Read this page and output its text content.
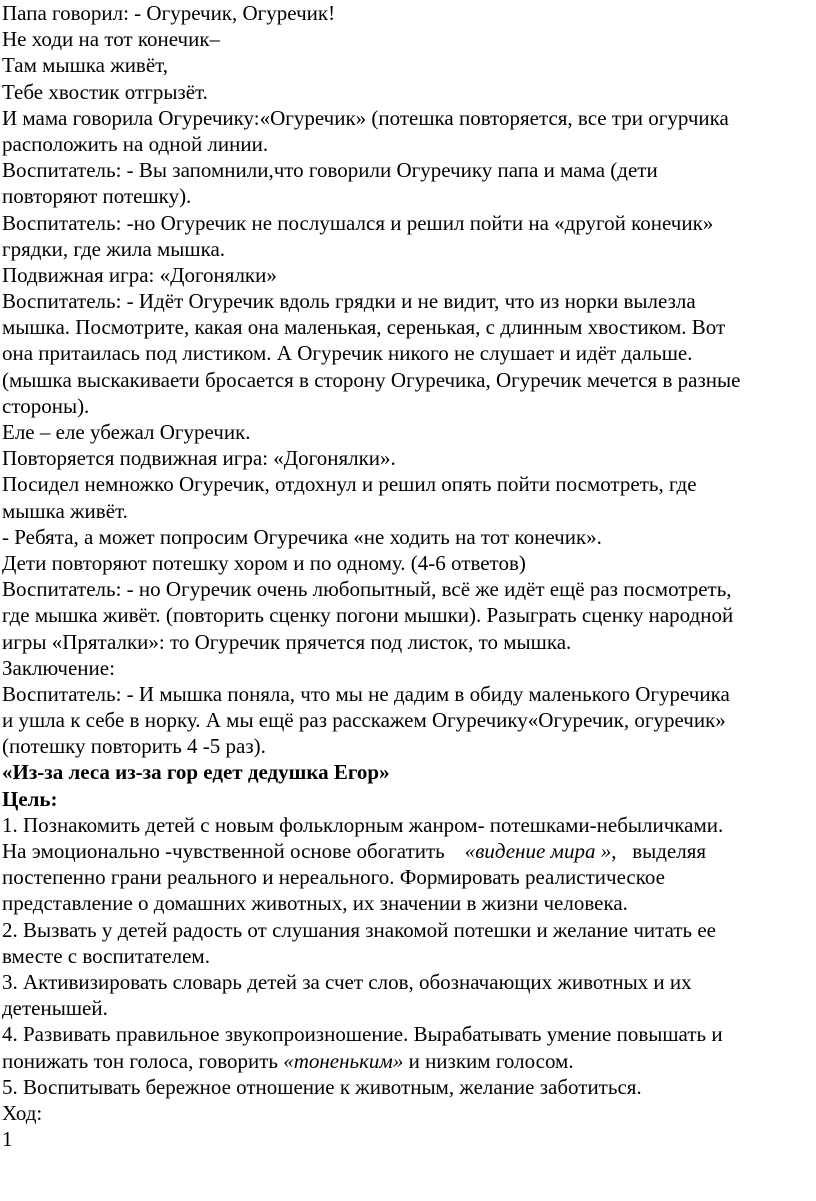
Папа говорил: - Огуречик, Огуречик!
Не ходи на тот конечик–
Там мышка живёт,
Тебе хвостик отгрызёт.
И мама говорила Огуречику:«Огуречик» (потешка повторяется, все три огурчика
расположить на одной линии.
Воспитатель: - Вы запомнили,что говорили Огуречику папа и мама (дети
повторяют потешку).
Воспитатель: -но Огуречик не послушался и решил пойти на «другой конечик»
грядки, где жила мышка.
Подвижная игра: «Догонялки»
Воспитатель: - Идёт Огуречик вдоль грядки и не видит, что из норки вылезла
мышка. Посмотрите, какая она маленькая, серенькая, с длинным хвостиком. Вот
она притаилась под листиком. А Огуречик никого не слушает и идёт дальше.
(мышка выскакиваети бросается в сторону Огуречика, Огуречик мечется в разные
стороны).
Еле – еле убежал Огуречик.
Повторяется подвижная игра: «Догонялки».
Посидел немножко Огуречик, отдохнул и решил опять пойти посмотреть, где
мышка живёт.
- Ребята, а может попросим Огуречика «не ходить на тот конечик».
Дети повторяют потешку хором и по одному. (4-6 ответов)
Воспитатель: - но Огуречик очень любопытный, всё же идёт ещё раз посмотреть,
где мышка живёт. (повторить сценку погони мышки). Разыграть сценку народной
игры «Пряталки»: то Огуречик прячется под листок, то мышка.
Заключение:
Воспитатель: - И мышка поняла, что мы не дадим в обиду маленького Огуречика
и ушла к себе в норку. А мы ещё раз расскажем Огуречику«Огуречик, огуречик»
(потешку повторить 4 -5 раз).
«Из-за леса из-за гор едет дедушка Егор»
Цель:
1. Познакомить детей с новым фольклорным жанром- потешками-небыличками.
На эмоционально -чувственной основе обогатить «видение мира », выделяя
постепенно грани реального и нереального. Формировать реалистическое
представление о домашних животных, их значении в жизни человека.
2. Вызвать у детей радость от слушания знакомой потешки и желание читать ее
вместе с воспитателем.
3. Активизировать словарь детей за счет слов, обозначающих животных и их
детенышей.
4. Развивать правильное звукопроизношение. Вырабатывать умение повышать и
понижать тон голоса, говорить «тоненьким» и низким голосом.
5. Воспитывать бережное отношение к животным, желание заботиться.
Ход:
1
